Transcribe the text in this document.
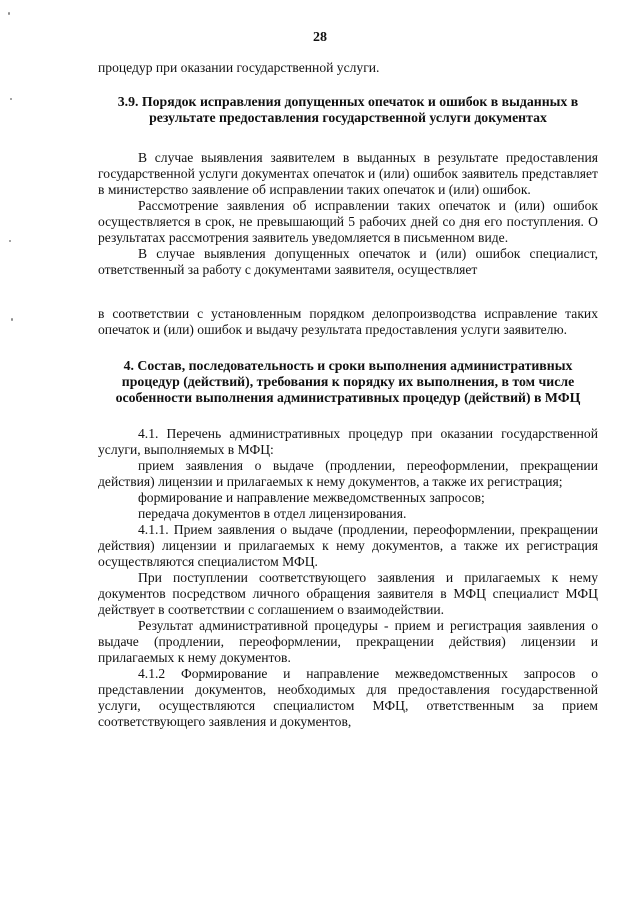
28

процедур при оказании государственной услуги.

3.9. Порядок исправления допущенных опечаток и ошибок в выданных в результате предоставления государственной услуги документах

В случае выявления заявителем в выданных в результате предоставления государственной услуги документах опечаток и (или) ошибок заявитель представляет в министерство заявление об исправлении таких опечаток и (или) ошибок.

Рассмотрение заявления об исправлении таких опечаток и (или) ошибок осуществляется в срок, не превышающий 5 рабочих дней со дня его поступления. О результатах рассмотрения заявитель уведомляется в письменном виде.

В случае выявления допущенных опечаток и (или) ошибок специалист, ответственный за работу с документами заявителя, осуществляет

в соответствии с установленным порядком делопроизводства исправление таких опечаток и (или) ошибок и выдачу результата предоставления услуги заявителю.

4. Состав, последовательность и сроки выполнения административных процедур (действий), требования к порядку их выполнения, в том числе особенности выполнения административных процедур (действий) в МФЦ

4.1. Перечень административных процедур при оказании государственной услуги, выполняемых в МФЦ:

прием заявления о выдаче (продлении, переоформлении, прекращении действия) лицензии и прилагаемых к нему документов, а также их регистрация;

формирование и направление межведомственных запросов;

передача документов в отдел лицензирования.

4.1.1. Прием заявления о выдаче (продлении, переоформлении, прекращении действия) лицензии и прилагаемых к нему документов, а также их регистрация осуществляются специалистом МФЦ.

При поступлении соответствующего заявления и прилагаемых к нему документов посредством личного обращения заявителя в МФЦ специалист МФЦ действует в соответствии с соглашением о взаимодействии.

Результат административной процедуры - прием и регистрация заявления о выдаче (продлении, переоформлении, прекращении действия) лицензии и прилагаемых к нему документов.

4.1.2 Формирование и направление межведомственных запросов о представлении документов, необходимых для предоставления государственной услуги, осуществляются специалистом МФЦ, ответственным за прием соответствующего заявления и документов,
